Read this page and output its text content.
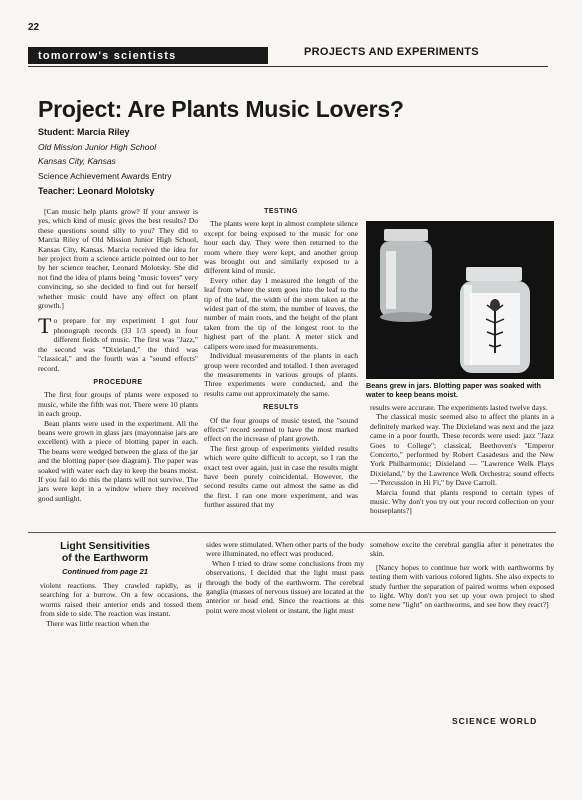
22
tomorrow's scientists	PROJECTS AND EXPERIMENTS
Project: Are Plants Music Lovers?
Student: Marcia Riley
Old Mission Junior High School
Kansas City, Kansas
Science Achievement Awards Entry
Teacher: Leonard Molotsky

[Can music help plants grow? If your answer is yes, which kind of music gives the best results? Do these questions sound silly to you? They did to Marcia Riley of Old Mission Junior High School, Kansas City, Kansas. Marcia received the idea for her project from a science article pointed out to her by her science teacher, Leonard Molotsky. She did not find the idea of plants being "music lovers" very convincing, so she decided to find out for herself whether music could have any effect on plant growth.]

To prepare for my experiment I got four phonograph records (33 1/3 speed) in four different fields of music. The first was "Jazz," the second was "Dixieland," the third was "classical," and the fourth was a "sound effects" record.

PROCEDURE

The first four groups of plants were exposed to music, while the fifth was not. There were 10 plants in each group.

Bean plants were used in the experiment. All the beans were grown in glass jars (mayonnaise jars are excellent) with a piece of blotting paper in each. The beans were wedged between the glass of the jar and the blotting paper (see diagram). The paper was soaked with water each day to keep the beans moist. If you fail to do this the plants will not survive. The jars were kept in a window where they received good sunlight.

TESTING

The plants were kept in almost complete silence except for being exposed to the music for one hour each day. They were then returned to the room where they were kept, and another group was brought out and similarly exposed to a different kind of music.

Every other day I measured the length of the leaf from where the stem goes into the leaf to the tip of the leaf, the width of the stem taken at the widest part of the stem, the number of leaves, the number of main roots, and the height of the plant taken from the tip of the longest root to the highest part of the plant. A meter stick and calipers were used for measurements.

Individual measurements of the plants in each group were recorded and totalled. I then averaged the measurements in various groups of plants. Three experiments were conducted, and the results came out approximately the same.

RESULTS

Of the four groups of music tested, the "sound effects" record seemed to have the most marked effect on the increase of plant growth.

The first group of experiments yielded results which were quite difficult to accept, so I ran the exact test over again, just in case the results might have been purely coincidental. However, the second results came out almost the same as did the first. I ran one more experiment, and was further assured that my

Beans grew in jars. Blotting paper was soaked with water to keep beans moist.

results were accurate. The experiments lasted twelve days.

The classical music seemed also to affect the plants in a definitely marked way. The Dixieland was next and the jazz came in a poor fourth. These records were used: jazz "Jazz Goes to College"; classical, Beethoven's "Emperor Concerto," performed by Robert Casadesus and the New York Philharmonic; Dixieland — "Lawrence Welk Plays Dixieland," by the Lawrence Welk Orchestra; sound effects—"Percussion in Hi Fi," by Dave Carroll.

Marcia found that plants respond to certain types of music. Why don't you try out your record collection on your houseplants?]

Light Sensitivities
of the Earthworm
Continued from page 21

violent reactions. They crawled rapidly, as if searching for a burrow. On a few occasions, the worms raised their anterior ends and tossed them from side to side. The reaction was instant.

There was little reaction when the

sides were stimulated. When other parts of the body were illuminated, no effect was produced.

When I tried to draw some conclusions from my observations, I decided that the light must pass through the body of the earthworm. The cerebral ganglia (masses of nervous tissue) are located at the anterior or head end. Since the reactions at this point were most violent or instant, the light must

somehow excite the cerebral ganglia after it penetrates the skin.

[Nancy hopes to continue her work with earthworms by testing them with various colored lights. She also expects to study further the separation of paired worms when exposed to light. Why don't you set up your own project to shed some new "light" on earthworms, and see how they react?]

SCIENCE WORLD
